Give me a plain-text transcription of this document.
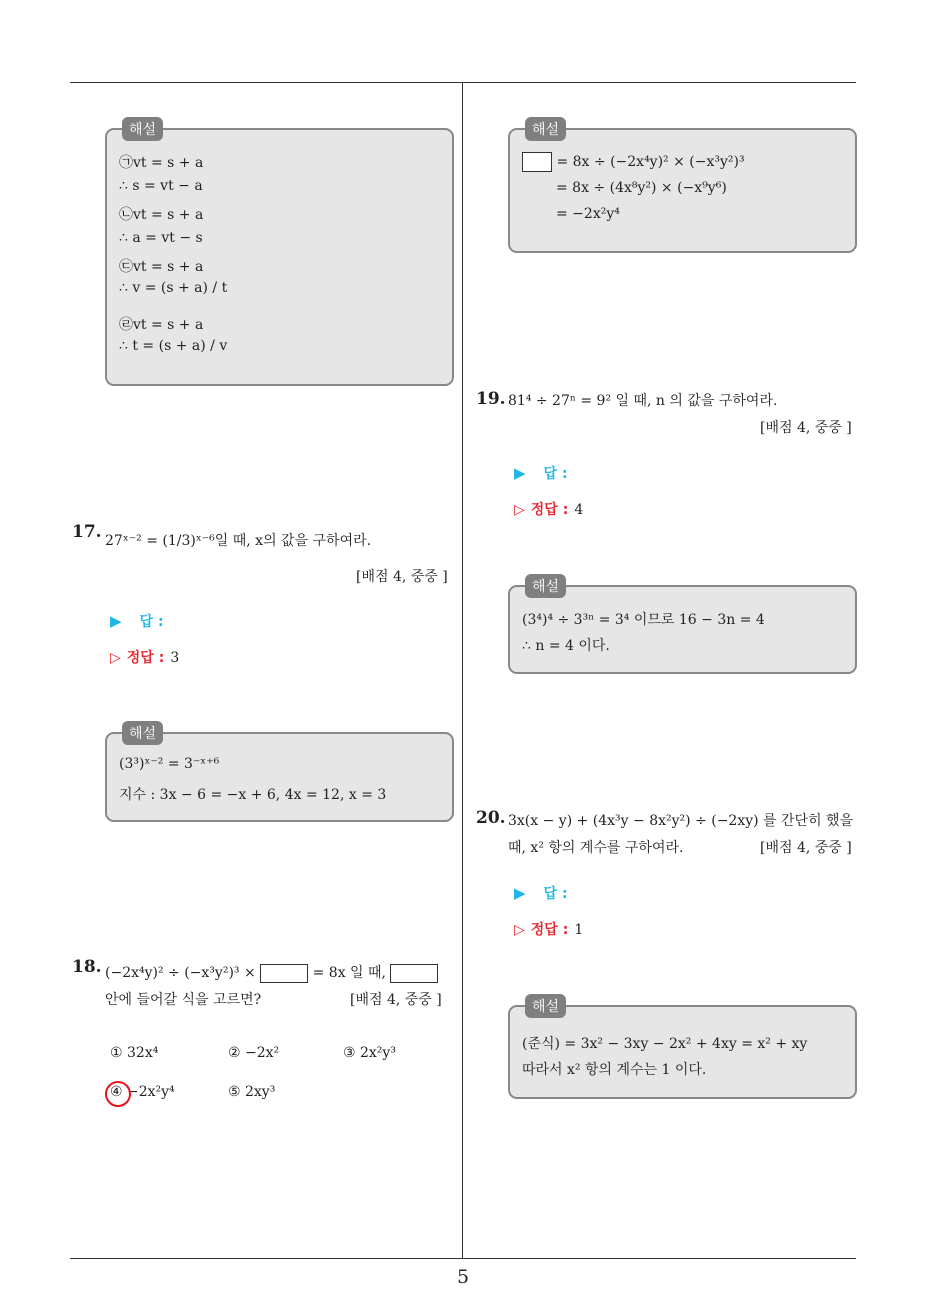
5
해설
㉠vt = s + a
∴ s = vt − a
㉡vt = s + a
∴ a = vt − s
㉢vt = s + a
∴ v = (s + a) / t
㉣vt = s + a
∴ t = (s + a) / v
17. 27ˣ⁻² = (1/3)ˣ⁻⁶일 때, x의 값을 구하여라.
[배점 4, 중중 ]
▶ 답 :
▷ 정답 : 3
해설
(3³)ˣ⁻² = 3⁻ˣ⁺⁶
지수 : 3x − 6 = −x + 6, 4x = 12, x = 3
18. (−2x⁴y)² ÷ (−x³y²)³ ×	= 8x 일 때,
안에 들어갈 식을 고르면?	[배점 4, 중중 ]
① 32x⁴	② −2x²	③ 2x²y³
④ −2x²y⁴	⑤ 2xy³
해설
= 8x ÷ (−2x⁴y)² × (−x³y²)³
= 8x ÷ (4x⁸y²) × (−x⁹y⁶)
= −2x²y⁴
19. 81⁴ ÷ 27ⁿ = 9² 일 때, n 의 값을 구하여라.
[배점 4, 중중 ]
▶ 답 :
▷ 정답 : 4
해설
(3⁴)⁴ ÷ 3³ⁿ = 3⁴ 이므로 16 − 3n = 4
∴ n = 4 이다.
20. 3x(x − y) + (4x³y − 8x²y²) ÷ (−2xy) 를 간단히 했을
때, x² 항의 계수를 구하여라.	[배점 4, 중중 ]
▶ 답 :
▷ 정답 : 1
해설
(준식) = 3x² − 3xy − 2x² + 4xy = x² + xy
따라서 x² 항의 계수는 1 이다.
